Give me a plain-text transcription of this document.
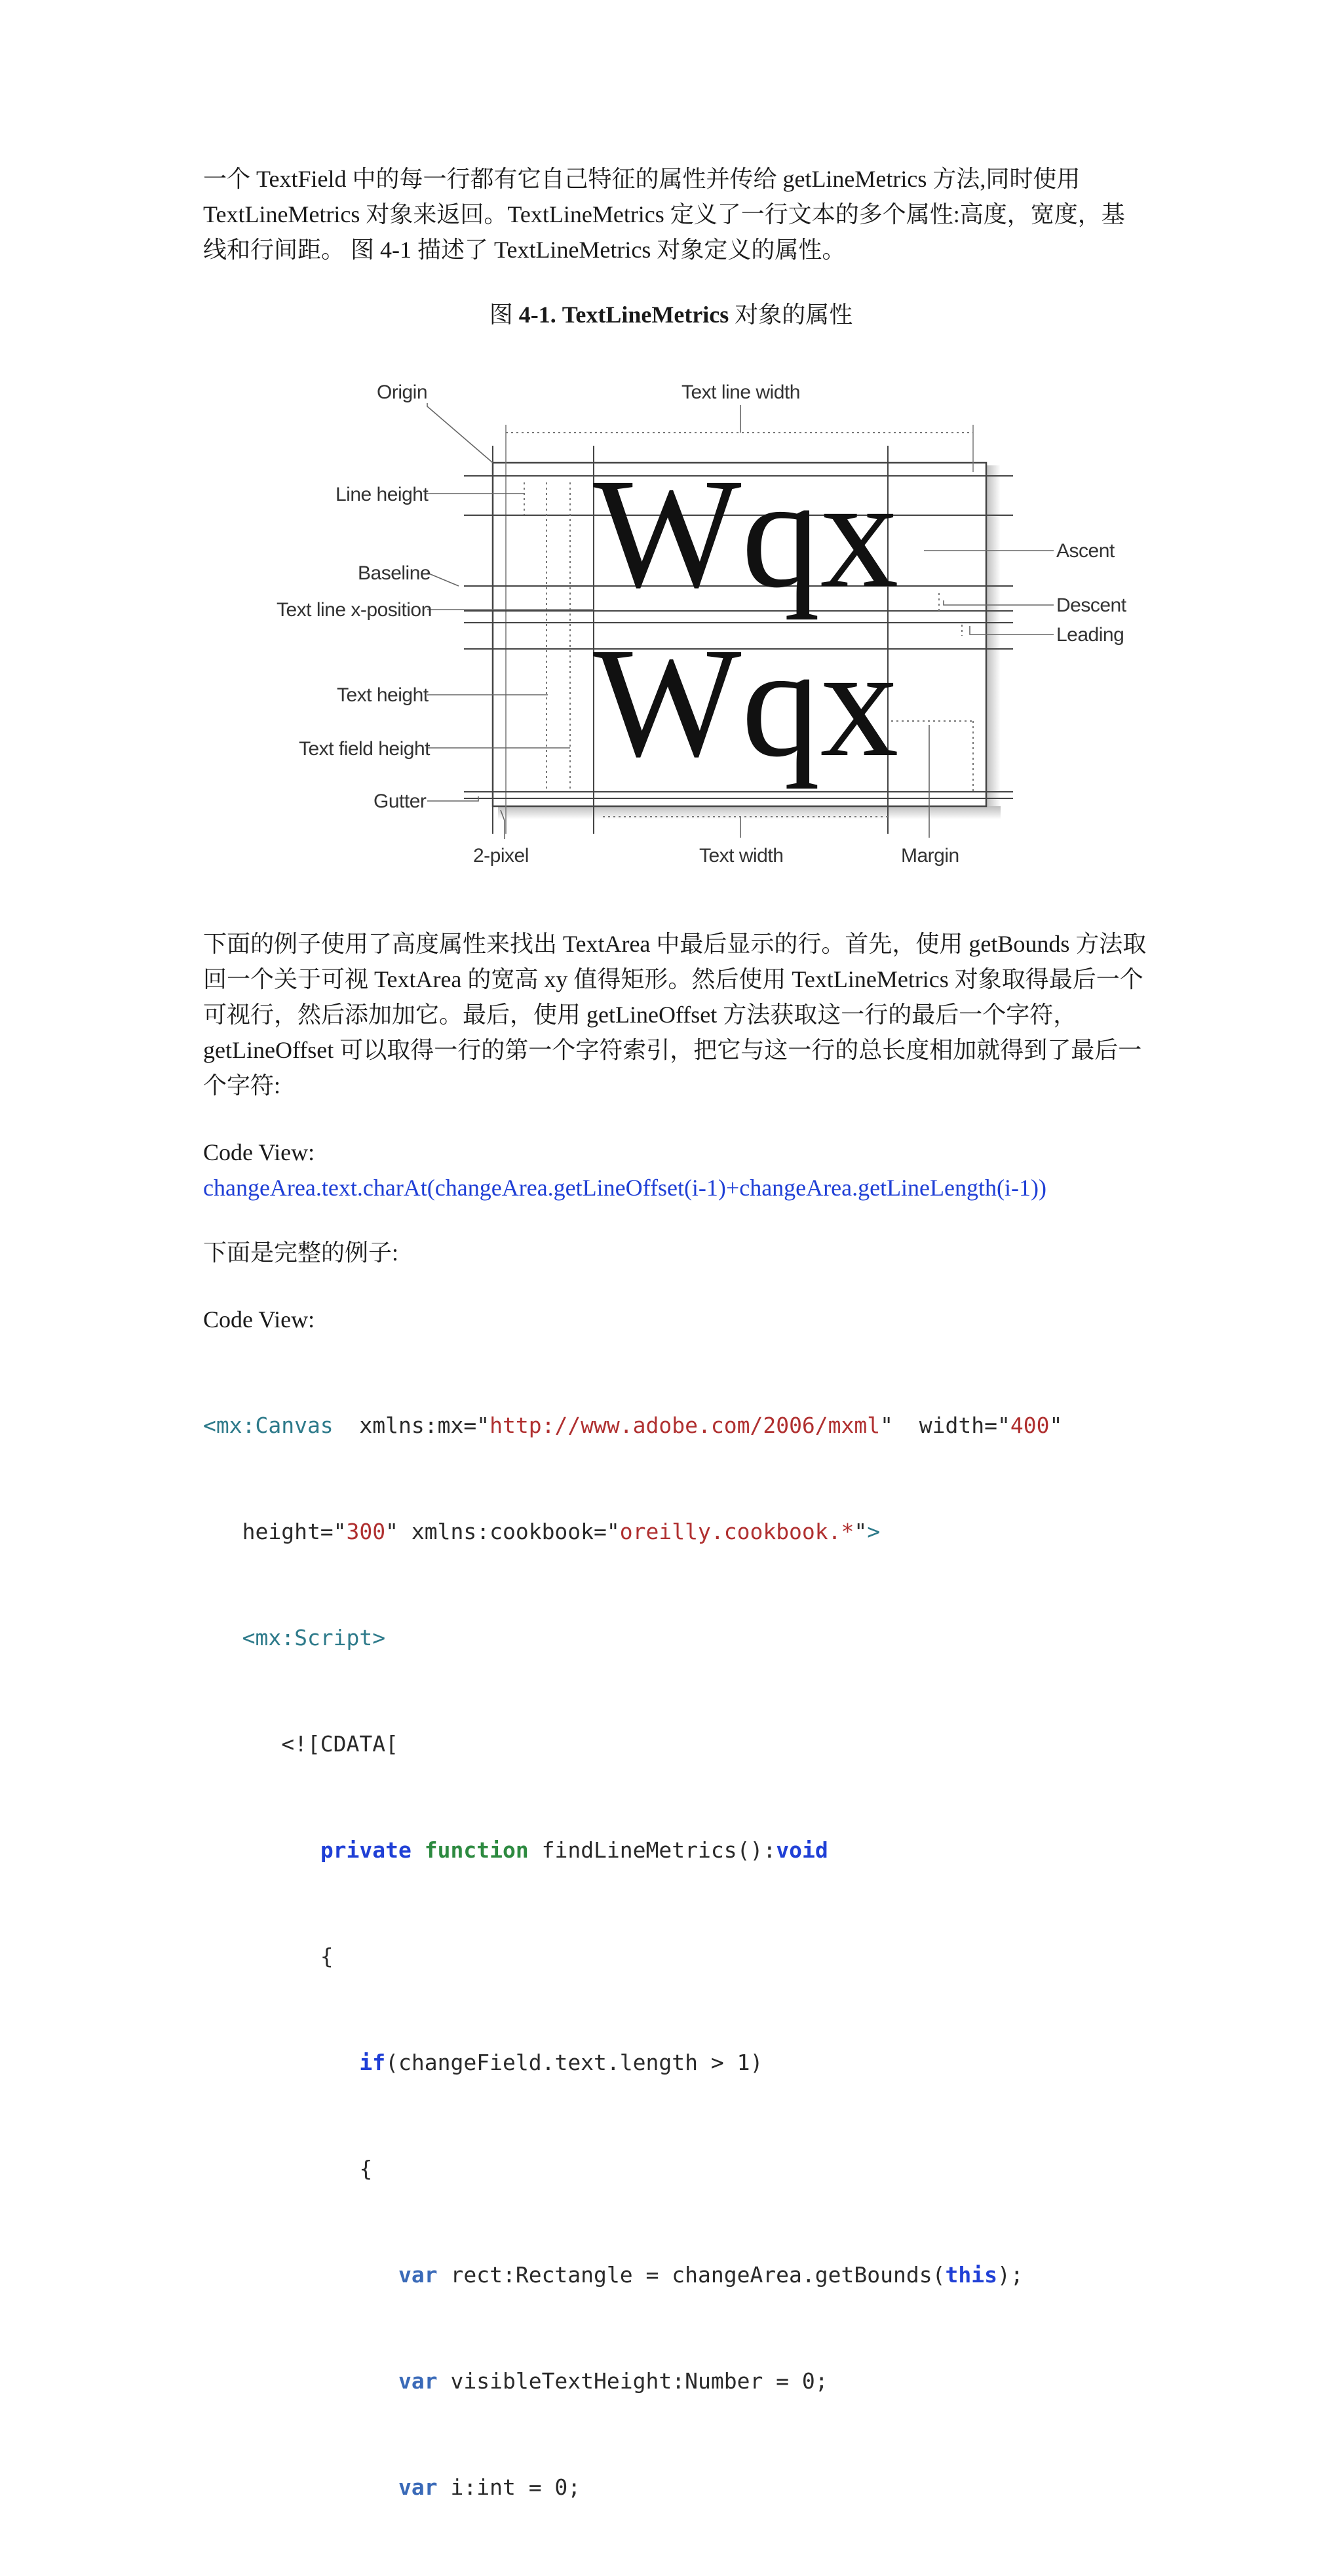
一个 TextField 中的每一行都有它自己特征的属性并传给 getLineMetrics 方法,同时使用 TextLineMetrics 对象来返回。TextLineMetrics 定义了一行文本的多个属性:高度，宽度，基线和行间距。 图 4-1 描述了 TextLineMetrics 对象定义的属性。

图 4-1. TextLineMetrics 对象的属性
Wqx
Wqx
Origin	Text line width
Line height
Baseline
Text line x-position
Text height
Text field height
Gutter
Ascent
Descent
Leading
2-pixel	Text width	Margin

下面的例子使用了高度属性来找出 TextArea 中最后显示的行。首先，使用 getBounds 方法取回一个关于可视 TextArea 的宽高 xy 值得矩形。然后使用 TextLineMetrics 对象取得最后一个可视行，然后添加加它。最后，使用 getLineOffset 方法获取这一行的最后一个字符，getLineOffset 可以取得一行的第一个字符索引，把它与这一行的总长度相加就得到了最后一个字符:

Code View:
changeArea.text.charAt(changeArea.getLineOffset(i-1)+changeArea.getLineLength(i-1))
下面是完整的例子:
Code View:

<mx:Canvas  xmlns:mx="http://www.adobe.com/2006/mxml"  width="400"

height="300" xmlns:cookbook="oreilly.cookbook.*">

<mx:Script>

<![CDATA[

private function findLineMetrics():void

{

if(changeField.text.length > 1)

{

var rect:Rectangle = changeArea.getBounds(this);

var visibleTextHeight:Number = 0;

var i:int = 0;
